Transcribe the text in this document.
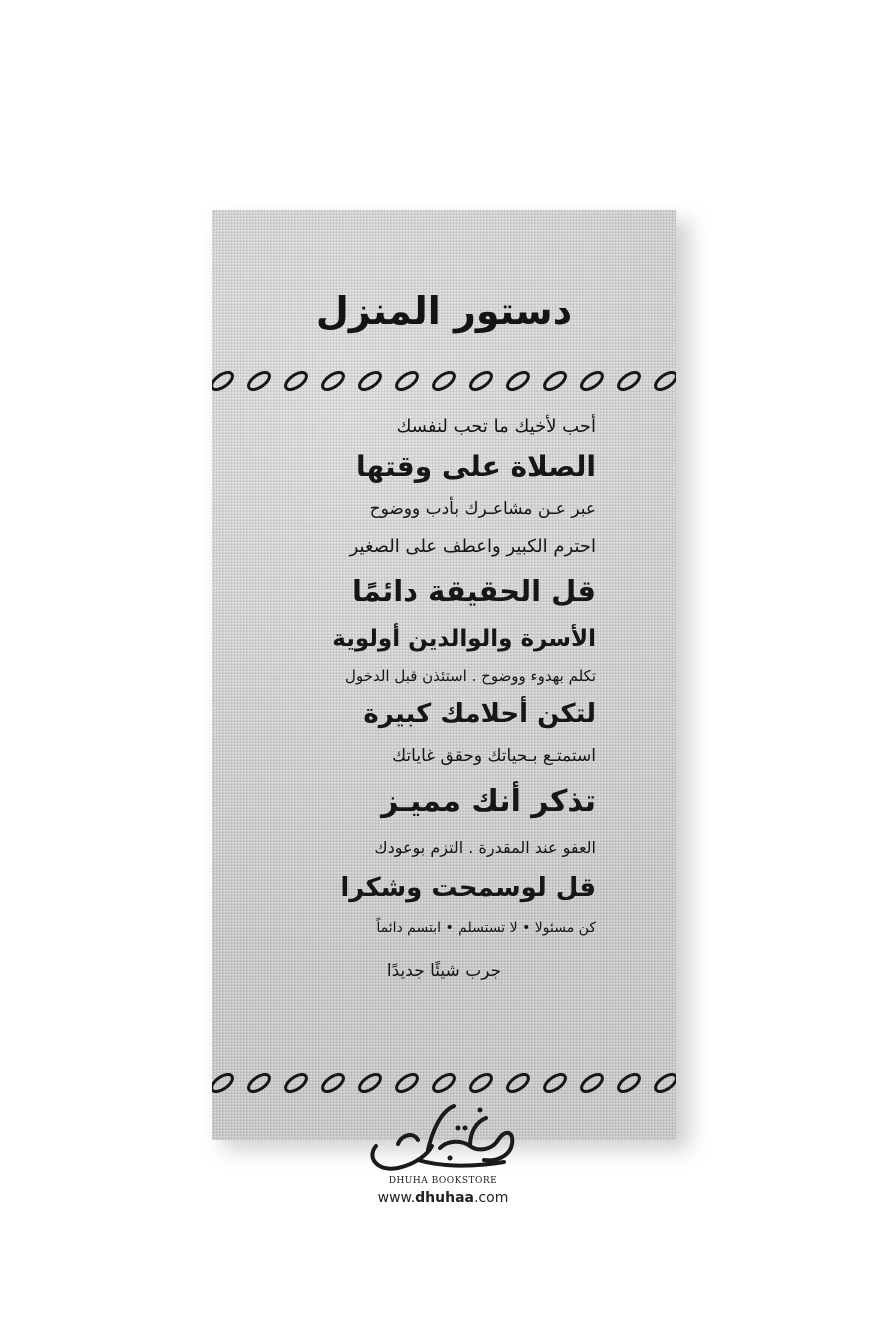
دستور المنزل
أحب لأخيك ما تحب لنفسك
الصلاة على وقتها
عبر عـن مشاعـرك بأدب ووضوح
احترم الكبير واعطف على الصغير
قل الحقيقة دائمًا
الأسرة والوالدين أولوية
تكلم بهدوء ووضوح . استئذن قبل الدخول
لتكن أحلامك كبيرة
استمتـع بـحياتك وحقق غاياتك
تذكر أنك مميـز
العفو عند المقدرة . التزم بوعودك
قل لوسمحت وشكرا
كن مسئولا • لا تستسلم • ابتسم دائماً
جرب شيئًا جديدًا
DHUHA BOOKSTORE
www.dhuhaa.com
